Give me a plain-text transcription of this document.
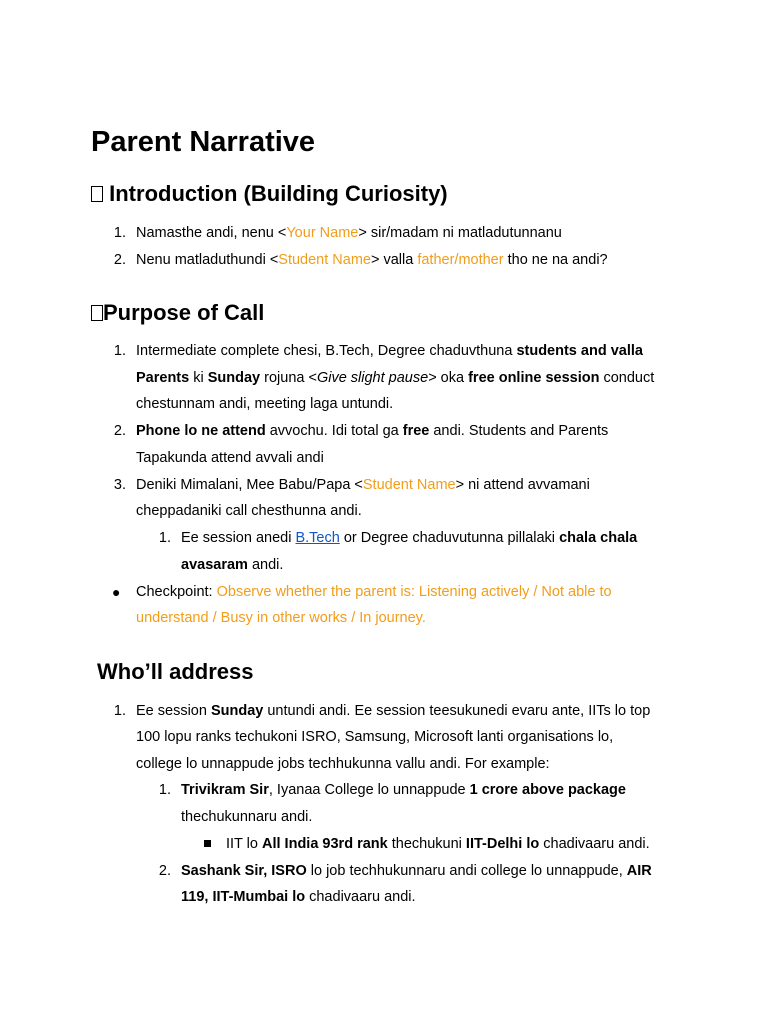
Parent Narrative
Introduction (Building Curiosity)
1. Namasthe andi, nenu <Your Name> sir/madam ni matladutunnanu
2. Nenu matladuthundi <Student Name> valla father/mother tho ne na andi?
Purpose of Call
1. Intermediate complete chesi, B.Tech, Degree chaduvthuna students and valla
Parents ki Sunday rojuna <Give slight pause> oka free online session conduct
chestunnam andi, meeting laga untundi.
2. Phone lo ne attend avvochu. Idi total ga free andi. Students and Parents
Tapakunda attend avvali andi
3. Deniki Mimalani, Mee Babu/Papa <Student Name> ni attend avvamani
cheppadaniki call chesthunna andi.
1. Ee session anedi B.Tech or Degree chaduvutunna pillalaki chala chala
avasaram andi.
● Checkpoint: Observe whether the parent is: Listening actively / Not able to
understand / Busy in other works / In journey.
Who’ll address
1. Ee session Sunday untundi andi. Ee session teesukunedi evaru ante, IITs lo top
100 lopu ranks techukoni ISRO, Samsung, Microsoft lanti organisations lo,
college lo unnappude jobs techhukunna vallu andi. For example:
1. Trivikram Sir, Iyanaa College lo unnappude 1 crore above package
thechukunnaru andi.
IIT lo All India 93rd rank thechukuni IIT-Delhi lo chadivaaru andi.
2. Sashank Sir, ISRO lo job techhukunnaru andi college lo unnappude, AIR
119, IIT-Mumbai lo chadivaaru andi.
